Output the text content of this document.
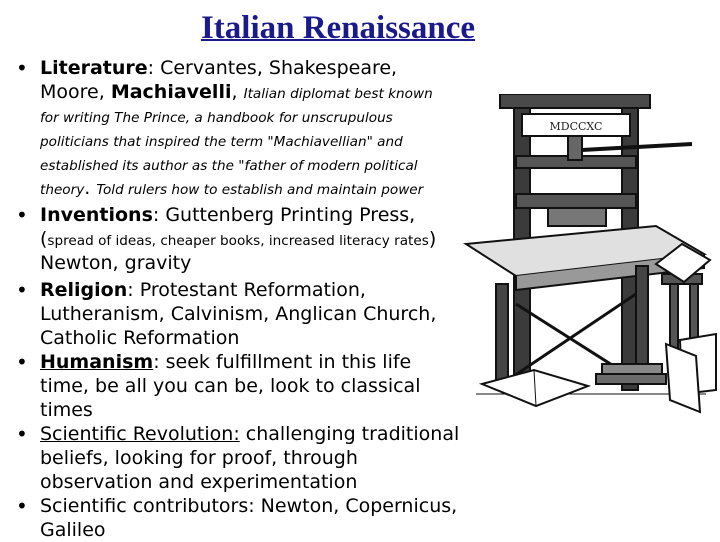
Italian Renaissance
• Literature: Cervantes, Shakespeare, Moore, Machiavelli, Italian diplomat best known
for writing The Prince, a handbook for unscrupulous politicians that inspired the term "Machiavellian" and established its author as the "father of modern political theory. Told rulers how to establish and maintain power
• Inventions: Guttenberg Printing Press,
(spread of ideas, cheaper books, increased literacy rates)Newton, gravity
• Religion: Protestant Reformation, Lutheranism, Calvinism, Anglican Church, Catholic Reformation
• Humanism: seek fulfillment in this life time, be all you can be, look to classical times
• Scientific Revolution: challenging traditional beliefs, looking for proof, through observation and experimentation
• Scientific contributors: Newton, Copernicus, Galileo
MDCCXC
